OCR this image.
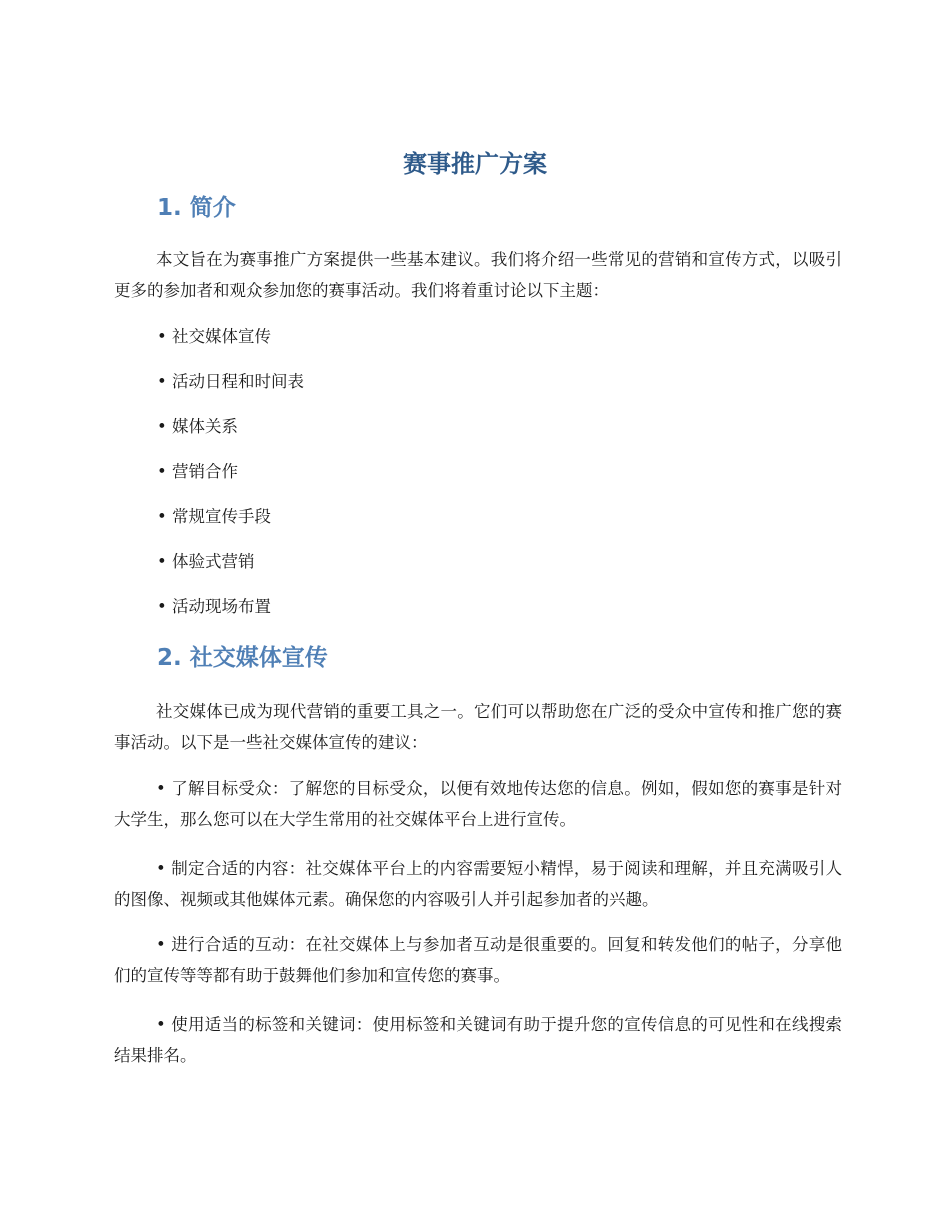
赛事推广方案
1. 简介

本文旨在为赛事推广方案提供一些基本建议。我们将介绍一些常见的营销和宣传方式，以吸引更多的参加者和观众参加您的赛事活动。我们将着重讨论以下主题：

• 社交媒体宣传

• 活动日程和时间表

• 媒体关系

• 营销合作

• 常规宣传手段

• 体验式营销

• 活动现场布置

2. 社交媒体宣传

社交媒体已成为现代营销的重要工具之一。它们可以帮助您在广泛的受众中宣传和推广您的赛事活动。以下是一些社交媒体宣传的建议：

• 了解目标受众：了解您的目标受众，以便有效地传达您的信息。例如，假如您的赛事是针对大学生，那么您可以在大学生常用的社交媒体平台上进行宣传。

• 制定合适的内容：社交媒体平台上的内容需要短小精悍，易于阅读和理解，并且充满吸引人的图像、视频或其他媒体元素。确保您的内容吸引人并引起参加者的兴趣。

• 进行合适的互动：在社交媒体上与参加者互动是很重要的。回复和转发他们的帖子，分享他们的宣传等等都有助于鼓舞他们参加和宣传您的赛事。

• 使用适当的标签和关键词：使用标签和关键词有助于提升您的宣传信息的可见性和在线搜索结果排名。
